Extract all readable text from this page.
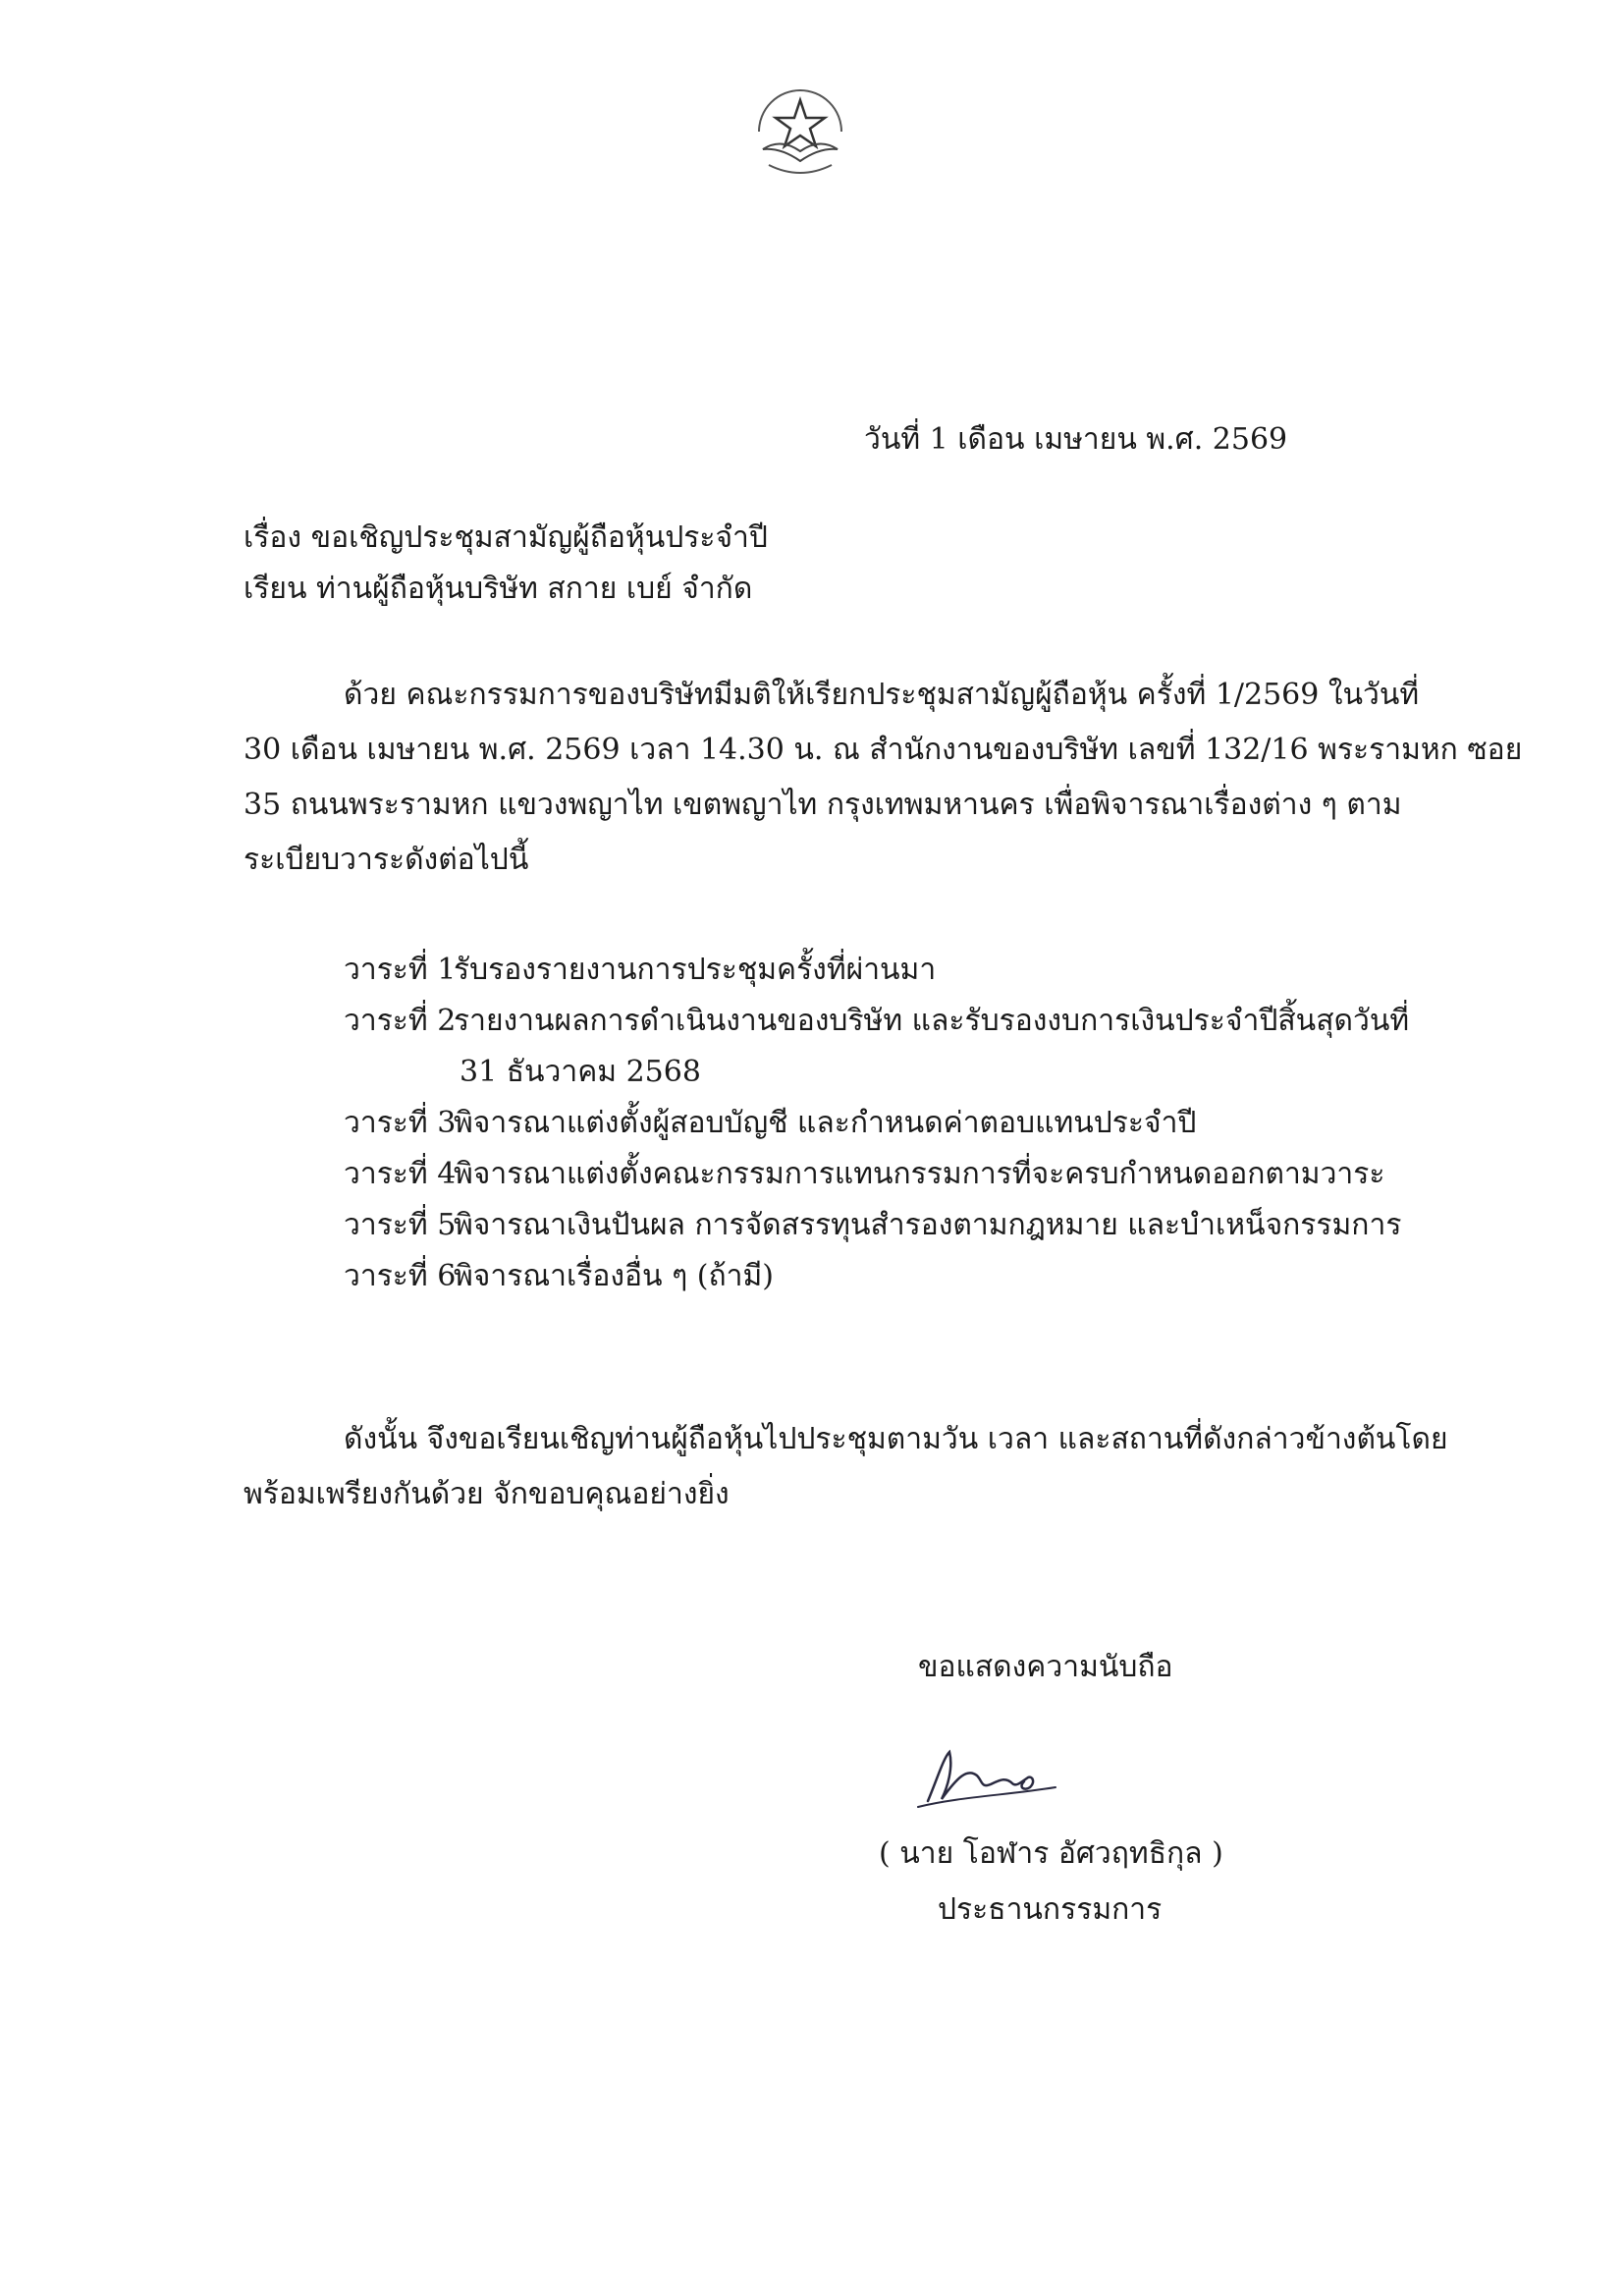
วันที่ 1 เดือน เมษายน พ.ศ. 2569
เรื่อง ขอเชิญประชุมสามัญผู้ถือหุ้นประจำปี
เรียน ท่านผู้ถือหุ้นบริษัท สกาย เบย์ จำกัด
ด้วย คณะกรรมการของบริษัทมีมติให้เรียกประชุมสามัญผู้ถือหุ้น ครั้งที่ 1/2569 ในวันที่
30 เดือน เมษายน พ.ศ. 2569 เวลา 14.30 น. ณ สำนักงานของบริษัท เลขที่ 132/16 พระรามหก ซอย
35 ถนนพระรามหก แขวงพญาไท เขตพญาไท กรุงเทพมหานคร เพื่อพิจารณาเรื่องต่าง ๆ ตาม
ระเบียบวาระดังต่อไปนี้
วาระที่ 1รับรองรายงานการประชุมครั้งที่ผ่านมา
วาระที่ 2รายงานผลการดำเนินงานของบริษัท และรับรองงบการเงินประจำปีสิ้นสุดวันที่
31 ธันวาคม 2568
วาระที่ 3พิจารณาแต่งตั้งผู้สอบบัญชี และกำหนดค่าตอบแทนประจำปี
วาระที่ 4พิจารณาแต่งตั้งคณะกรรมการแทนกรรมการที่จะครบกำหนดออกตามวาระ
วาระที่ 5พิจารณาเงินปันผล การจัดสรรทุนสำรองตามกฎหมาย และบำเหน็จกรรมการ
วาระที่ 6พิจารณาเรื่องอื่น ๆ (ถ้ามี)
ดังนั้น จึงขอเรียนเชิญท่านผู้ถือหุ้นไปประชุมตามวัน เวลา และสถานที่ดังกล่าวข้างต้นโดย
พร้อมเพรียงกันด้วย จักขอบคุณอย่างยิ่ง
ขอแสดงความนับถือ
( นาย โอฬาร อัศวฤทธิกุล )
ประธานกรรมการ
